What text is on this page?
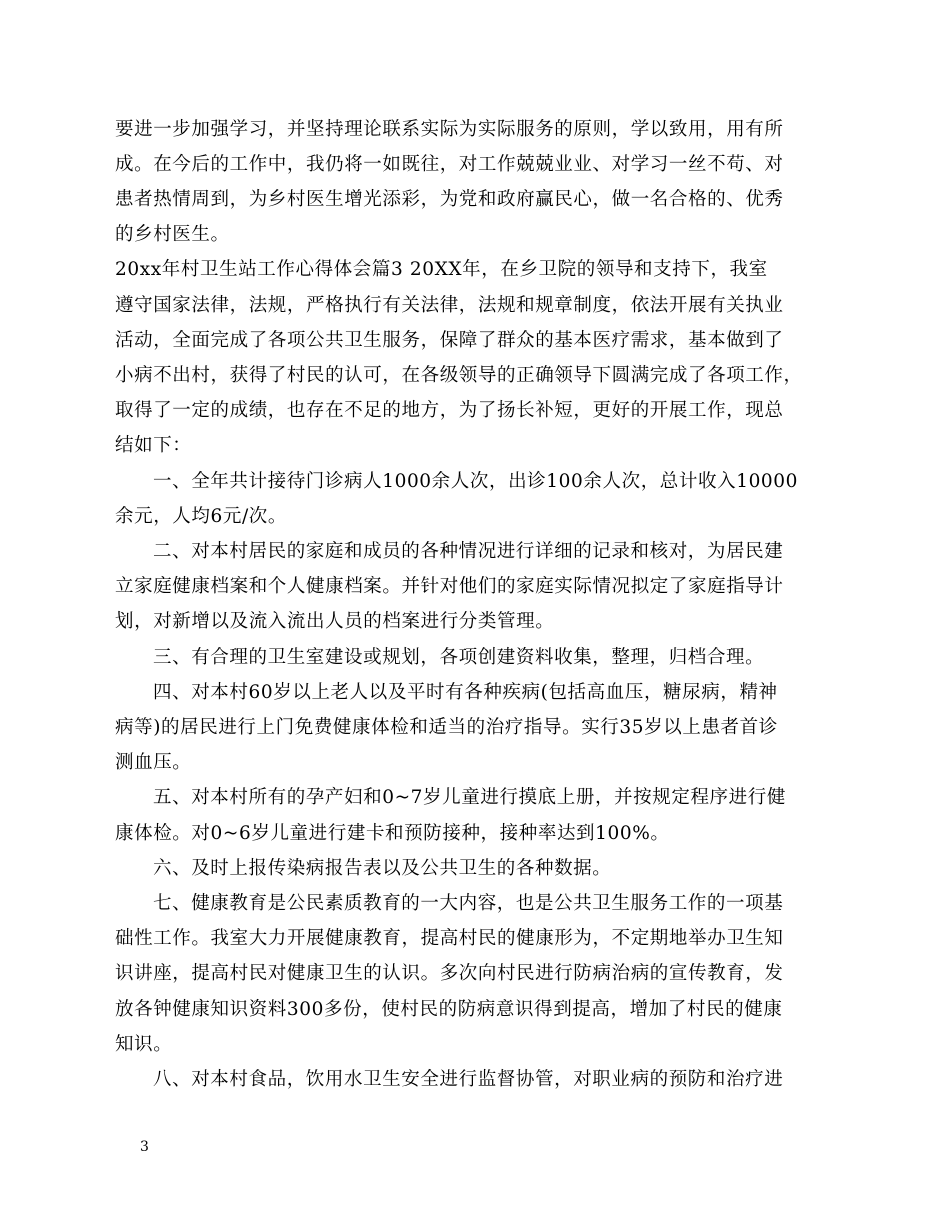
要进一步加强学习，并坚持理论联系实际为实际服务的原则，学以致用，用有所
成。在今后的工作中，我仍将一如既往，对工作兢兢业业、对学习一丝不苟、对
患者热情周到，为乡村医生增光添彩，为党和政府赢民心，做一名合格的、优秀
的乡村医生。
20xx年村卫生站工作心得体会篇3 20XX年，在乡卫院的领导和支持下，我室
遵守国家法律，法规，严格执行有关法律，法规和规章制度，依法开展有关执业
活动，全面完成了各项公共卫生服务，保障了群众的基本医疗需求，基本做到了
小病不出村，获得了村民的认可，在各级领导的正确领导下圆满完成了各项工作，
取得了一定的成绩，也存在不足的地方，为了扬长补短，更好的开展工作，现总
结如下：
一、全年共计接待门诊病人1000余人次，出诊100余人次，总计收入10000
余元，人均6元/次。
二、对本村居民的家庭和成员的各种情况进行详细的记录和核对，为居民建
立家庭健康档案和个人健康档案。并针对他们的家庭实际情况拟定了家庭指导计
划，对新增以及流入流出人员的档案进行分类管理。
三、有合理的卫生室建设或规划，各项创建资料收集，整理，归档合理。
四、对本村60岁以上老人以及平时有各种疾病(包括高血压，糖尿病，精神
病等)的居民进行上门免费健康体检和适当的治疗指导。实行35岁以上患者首诊
测血压。
五、对本村所有的孕产妇和0~7岁儿童进行摸底上册，并按规定程序进行健
康体检。对0~6岁儿童进行建卡和预防接种，接种率达到100%。
六、及时上报传染病报告表以及公共卫生的各种数据。
七、健康教育是公民素质教育的一大内容，也是公共卫生服务工作的一项基
础性工作。我室大力开展健康教育，提高村民的健康形为，不定期地举办卫生知
识讲座，提高村民对健康卫生的认识。多次向村民进行防病治病的宣传教育，发
放各钟健康知识资料300多份，使村民的防病意识得到提高，增加了村民的健康
知识。
八、对本村食品，饮用水卫生安全进行监督协管，对职业病的预防和治疗进
3
